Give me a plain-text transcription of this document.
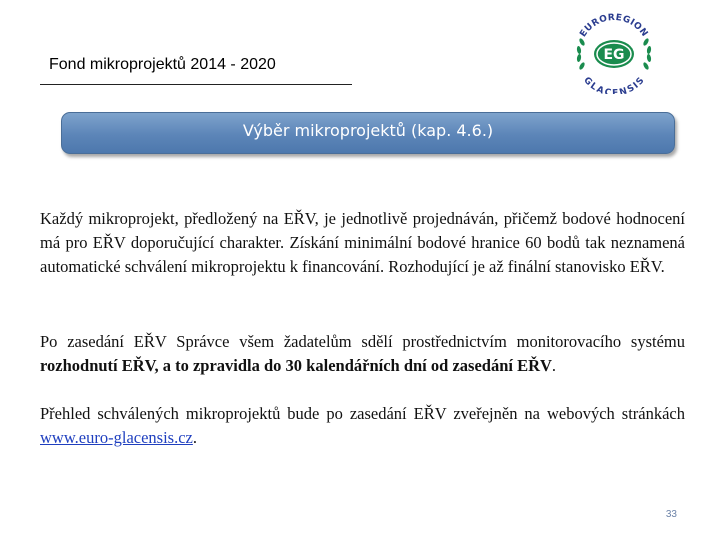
Fond mikroprojektů 2014 - 2020
EUROREGION
GLACENSIS
EG
Výběr mikroprojektů (kap. 4.6.)

Každý mikroprojekt, předložený na EŘV, je jednotlivě projednáván, přičemž bodové hodnocení má pro EŘV doporučující charakter. Získání minimální bodové hranice 60 bodů tak neznamená automatické schválení mikroprojektu k financování. Rozhodující je až finální stanovisko EŘV.

Po zasedání EŘV Správce všem žadatelům sdělí prostřednictvím monitorovacího systému rozhodnutí EŘV, a to zpravidla do 30 kalendářních dní od zasedání EŘV.

Přehled schválených mikroprojektů bude po zasedání EŘV zveřejněn na webových stránkách www.euro-glacensis.cz.

33
